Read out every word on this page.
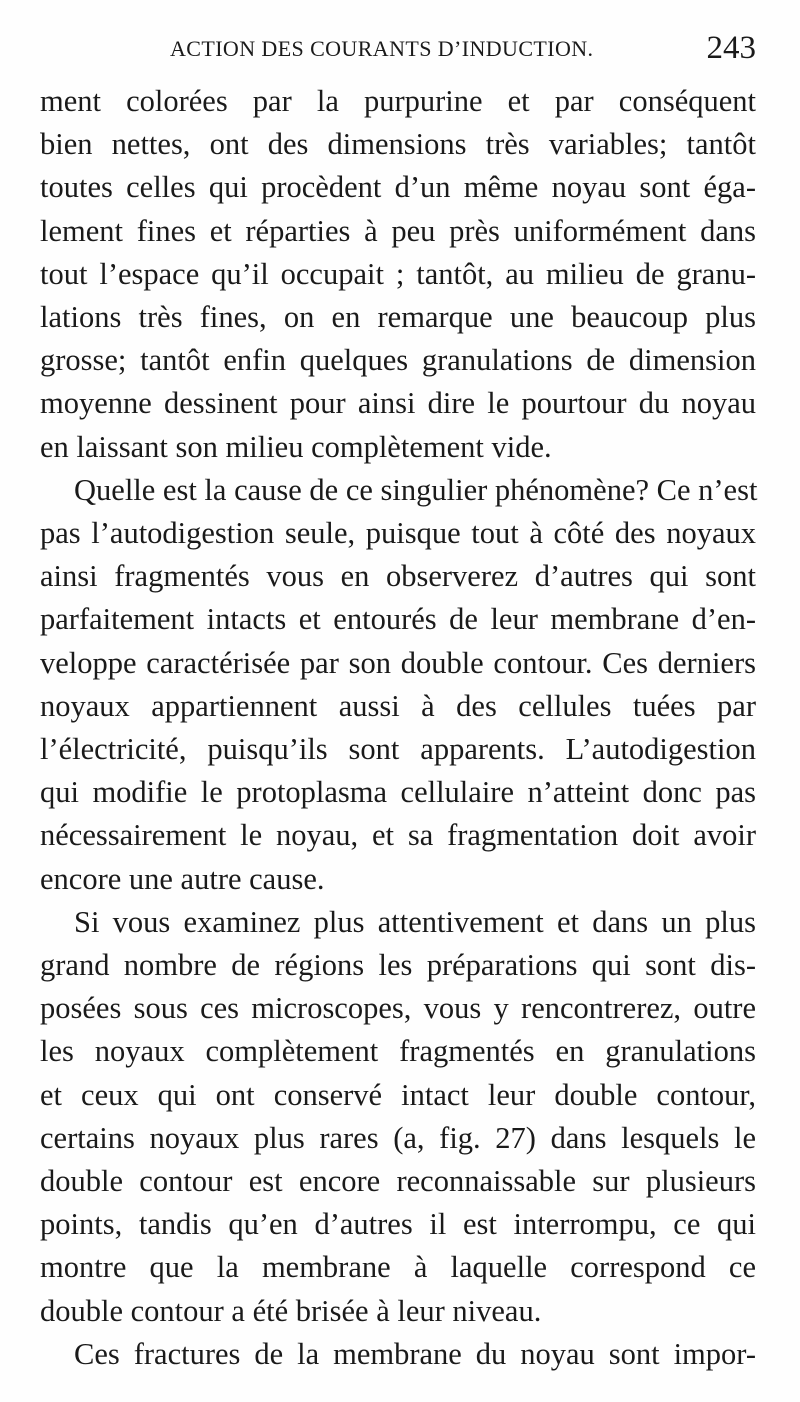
ACTION DES COURANTS D’INDUCTION.	243

ment colorées par la purpurine et par conséquent
bien nettes, ont des dimensions très variables; tantôt
toutes celles qui procèdent d’un même noyau sont éga-
lement fines et réparties à peu près uniformément dans
tout l’espace qu’il occupait ; tantôt, au milieu de granu-
lations très fines, on en remarque une beaucoup plus
grosse; tantôt enfin quelques granulations de dimension
moyenne dessinent pour ainsi dire le pourtour du noyau
en laissant son milieu complètement vide.

Quelle est la cause de ce singulier phénomène? Ce n’est
pas l’autodigestion seule, puisque tout à côté des noyaux
ainsi fragmentés vous en observerez d’autres qui sont
parfaitement intacts et entourés de leur membrane d’en-
veloppe caractérisée par son double contour. Ces derniers
noyaux appartiennent aussi à des cellules tuées par
l’électricité, puisqu’ils sont apparents. L’autodigestion
qui modifie le protoplasma cellulaire n’atteint donc pas
nécessairement le noyau, et sa fragmentation doit avoir
encore une autre cause.

Si vous examinez plus attentivement et dans un plus
grand nombre de régions les préparations qui sont dis-
posées sous ces microscopes, vous y rencontrerez, outre
les noyaux complètement fragmentés en granulations
et ceux qui ont conservé intact leur double contour,
certains noyaux plus rares (a, fig. 27) dans lesquels le
double contour est encore reconnaissable sur plusieurs
points, tandis qu’en d’autres il est interrompu, ce qui
montre que la membrane à laquelle correspond ce
double contour a été brisée à leur niveau.

Ces fractures de la membrane du noyau sont impor-
